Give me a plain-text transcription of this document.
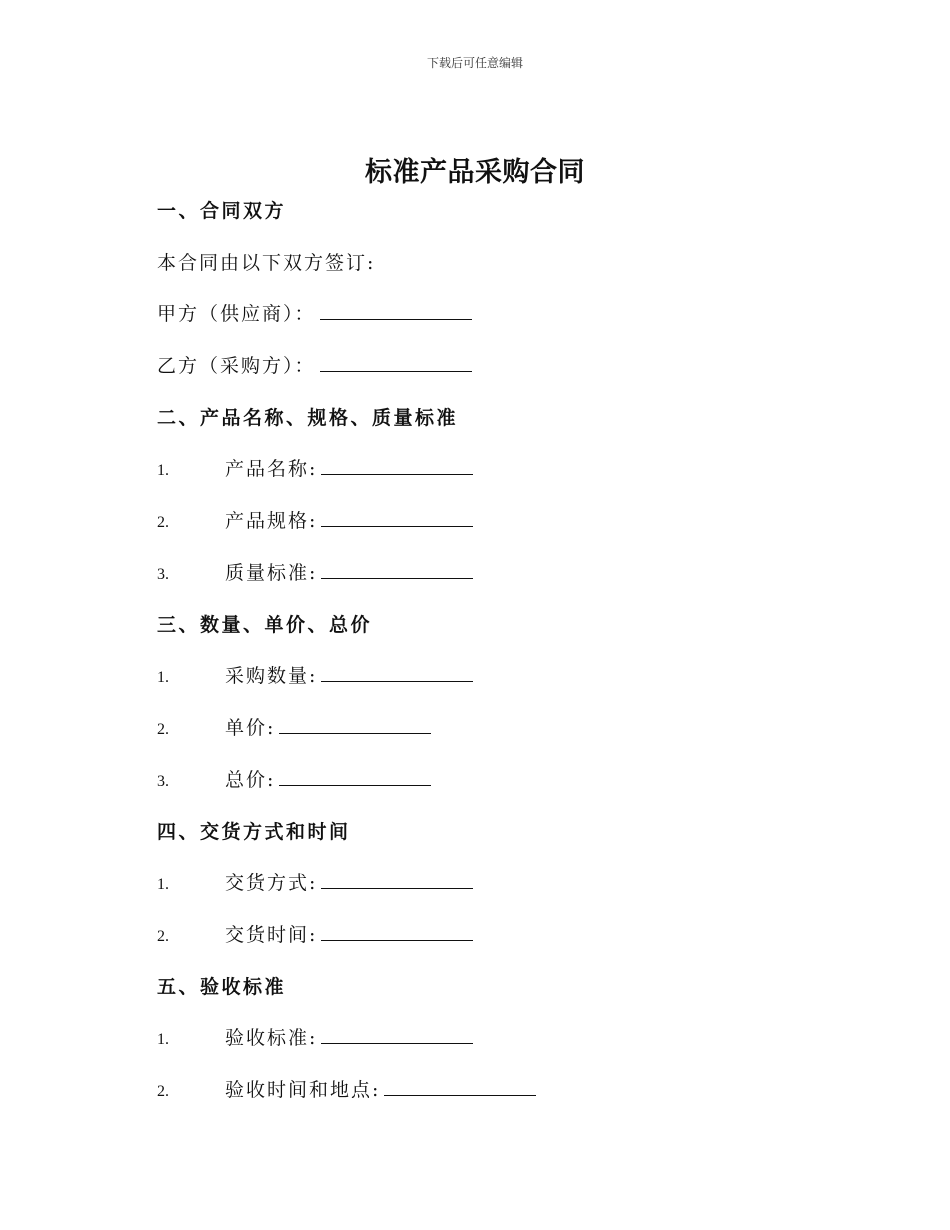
下载后可任意编辑
标准产品采购合同
一、合同双方
本合同由以下双方签订:
甲方（供应商）：
乙方（采购方）：
二、产品名称、规格、质量标准
1.	产品名称:
2.	产品规格:
3.	质量标准:
三、数量、单价、总价
1.	采购数量:
2.	单价:
3.	总价:
四、交货方式和时间
1.	交货方式:
2.	交货时间:
五、验收标准
1.	验收标准:
2.	验收时间和地点:
